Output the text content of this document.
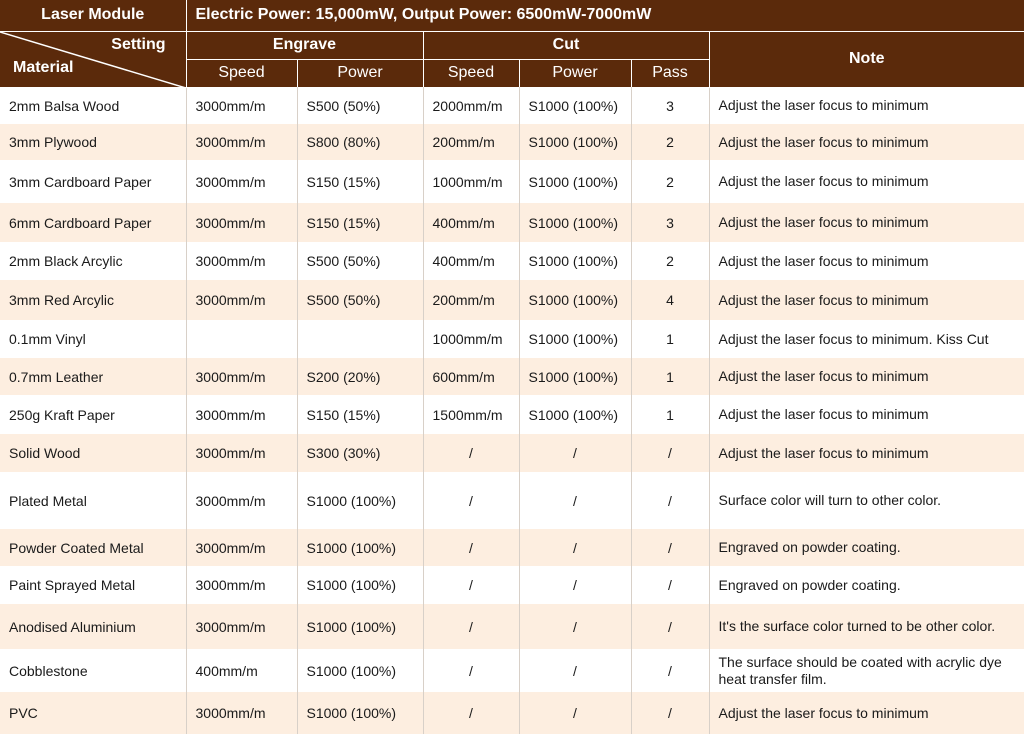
Laser Module	Electric Power: 15,000mW, Output Power: 6500mW-7000mW					

Setting
Material	Engrave		Cut			Note
	Speed	Power	Speed	Power	Pass	
2mm Balsa Wood	3000mm/m	S500 (50%)	2000mm/m	S1000 (100%)	3	Adjust the laser focus to minimum
3mm Plywood	3000mm/m	S800 (80%)	200mm/m	S1000 (100%)	2	Adjust the laser focus to minimum
3mm Cardboard Paper	3000mm/m	S150 (15%)	1000mm/m	S1000 (100%)	2	Adjust the laser focus to minimum
6mm Cardboard Paper	3000mm/m	S150 (15%)	400mm/m	S1000 (100%)	3	Adjust the laser focus to minimum
2mm Black Arcylic	3000mm/m	S500 (50%)	400mm/m	S1000 (100%)	2	Adjust the laser focus to minimum
3mm Red Arcylic	3000mm/m	S500 (50%)	200mm/m	S1000 (100%)	4	Adjust the laser focus to minimum
0.1mm Vinyl			1000mm/m	S1000 (100%)	1	Adjust the laser focus to minimum. Kiss Cut
0.7mm Leather	3000mm/m	S200 (20%)	600mm/m	S1000 (100%)	1	Adjust the laser focus to minimum
250g Kraft Paper	3000mm/m	S150 (15%)	1500mm/m	S1000 (100%)	1	Adjust the laser focus to minimum
Solid Wood	3000mm/m	S300 (30%)	/	/	/	Adjust the laser focus to minimum
Plated Metal	3000mm/m	S1000 (100%)	/	/	/	Surface color will turn to other color.
Powder Coated Metal	3000mm/m	S1000 (100%)	/	/	/	Engraved on powder coating.
Paint Sprayed Metal	3000mm/m	S1000 (100%)	/	/	/	Engraved on powder coating.
Anodised Aluminium	3000mm/m	S1000 (100%)	/	/	/	It's the surface color turned to be other color.
Cobblestone	400mm/m	S1000 (100%)	/	/	/	The surface should be coated with acrylic dye heat transfer film.
PVC	3000mm/m	S1000 (100%)	/	/	/	Adjust the laser focus to minimum
